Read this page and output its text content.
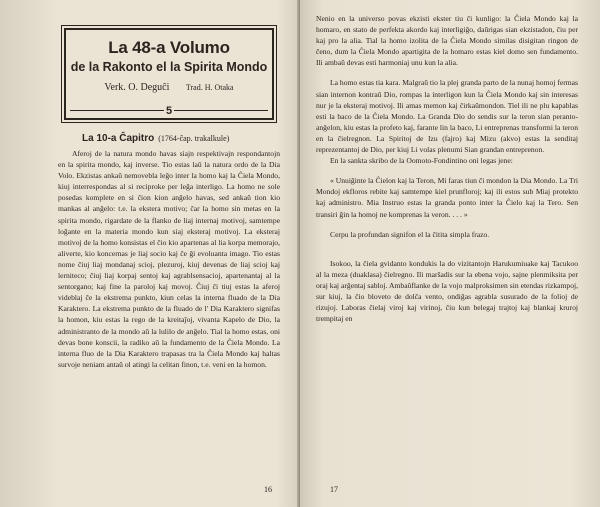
La 48-a Volumo
de la Rakonto el la Spirita Mondo
Verk. O. Deguĉi Trad. H. Otaka
5
La 10-a Ĉapitro (1764-ĉap. trakalkule)

Aferoj de la natura mondo havas siajn respektivajn respondantojn en la spirita mondo, kaj inverse. Tio estas laŭ la natura ordo de la Dia Volo. Ekzistas ankaŭ nemovebla leĝo inter la homo kaj la Ĉiela Mondo, kiuj interrespondas al si reciproke per leĝa interligo. La homo ne sole posedas komplete en si ĉion kion anĝelo havas, sed ankaŭ tion kio mankas al anĝelo: t.e. la ekstera motivo; ĉar la homo sin metas en la spirita mondo, rigardate de la flanko de liaj internaj motivoj, samtempe loĝante en la materia mondo kun siaj eksteraj motivoj. La eksteraj motivoj de la homo konsistas el ĉio kio apartenas al lia korpa memorajo, aliverte, kio koncernas je liaj socio kaj ĉe ĝi evoluanta imago. Tio estas nome ĉiuj liaj mondanaj scioj, plezuroj, kiuj devenas de liaj scioj kaj lerniteco; ĉiuj liaj korpaj sentoj kaj agrablsensacioj, apartenantaj al la sentorgano; kaj fine la paroloj kaj movoj. Ĉiuj ĉi tiuj estas la aferoj videblaj ĉe la ekstrema punkto, kiun celas la interna fluado de la Dia Karaktero. La ekstrema punkto de la fluado de l' Dia Karaktero signifas la homon, kiu estas la rego de la kreitaĵoj, vivanta Kapelo de Dio, la administranto de la mondo aŭ la lulilo de anĝelo. Tial la homo estas, oni devas bone konscii, la radiko aŭ la fundamento de la Ĉiela Mondo. La interna fluo de la Dia Karaktero trapasas tra la Ĉiela Mondo kaj haltas survoje neniam antaŭ ol atingi la celitan finon, t.e. veni en la homon.

16

Nenio en la universo povas ekzisti ekster tiu ĉi kunligo: la Ĉiela Mondo kaj la homaro, en stato de perfekta akordo kaj interligiĝo, daŭrigas sian ekzistadon, ĉiu per kaj pro la alia. Tial la homo izolita de la Ĉiela Mondo similas disigitan ringon de ĉeno, dum la Ĉiela Mondo apartigita de la homaro estas kiel domo sen fundamento. Ili ambaŭ devas esti harmoniaj unu kun la alia.

La homo estas tia kara. Malgraŭ tio la plej granda parto de la nunaj homoj fermas sian internon kontraŭ Dio, rompas la interligon kun la Ĉiela Mondo kaj sin interesas nur je la eksteraj motivoj. Ili amas memon kaj ĉirkaŭmondon. Tiel ili ne plu kapablas esti la baco de la Ĉiela Mondo. La Granda Dio do sendis sur la teron sian peranto-anĝelon, kiu estas la profeto kaj, farante lin la baco, Li entreprenas transformi la teron en la ĉielregnon. La Spiritoj de Izu (fajro) kaj Mizu (akvo) estas la senditaj reprezentantoj de Dio, per kiuj Li volas plenumi Sian grandan entreprenon.

En la sankta skribo de la Oomoto-Fondintino oni legas jene:

« Unuiĝinte la Ĉielon kaj la Teron, Mi faras tiun ĉi mondon la Dia Mondo. La Tri Mondoj ekfloros rebite kaj samtempe kiel prunfloroj; kaj ili estos sub Miaj protekto kaj administro. Mia Instruo estas la granda ponto inter la Ĉielo kaj la Tero. Sen transiri ĝin la homoj ne komprenas la veron. . . . »

Cerpu la profundan signifon el la ĉitita simpla frazo.

Isokoo, la ĉiela gvidanto kondukis la do vizitantojn Harukumiuake kaj Tacukoo al la meza (duaklasa) ĉielregno. Ili marŝadis sur la ebena vojo, sajne plenmiksita per oraj kaj arĝentaj sabloj. Ambaŭflanke de la vojo malproksimen sin etendas rizkampoj, sur kiuj, la ĉio bloveto de dolĉa vento, ondiĝas agrabla susurado de la folioj de rizujoj. Laboras ĉielaj viroj kaj virinoj, ĉiu kun belegaj trajtoj kaj blankaj kruroj trempitaj en

17
